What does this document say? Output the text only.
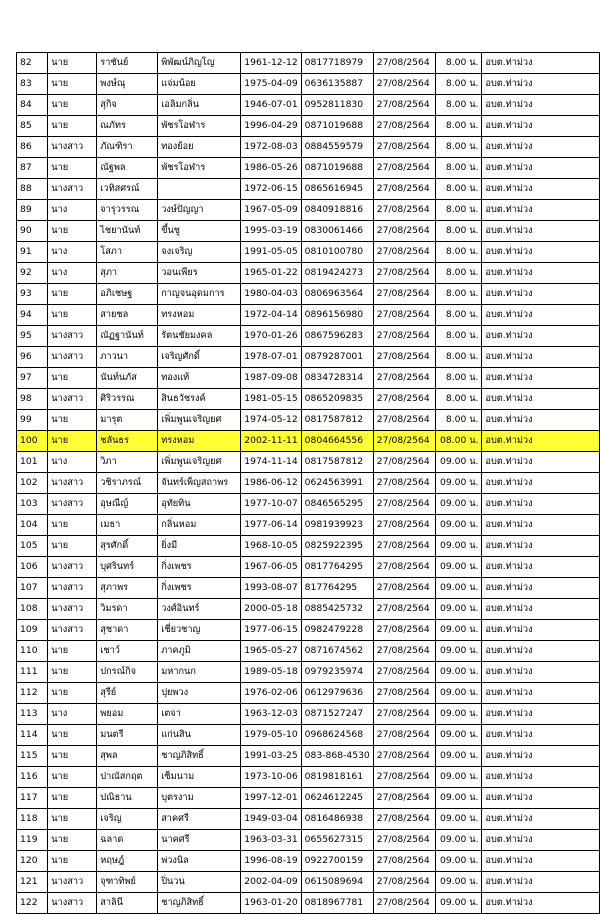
82	นาย	ราชันย์	พิพัฒน์ภิญโญ	1961-12-12	0817718979	27/08/2564	8.00 น.	อบต.ท่าม่วง
83	นาย	พงษ์ณุ	แจ่มน้อย	1975-04-09	0636135887	27/08/2564	8.00 น.	อบต.ท่าม่วง
84	นาย	สุกิจ	เอลิมกลิ่น	1946-07-01	0952811830	27/08/2564	8.00 น.	อบต.ท่าม่วง
85	นาย	ณภัทร	พัชรโอฬาร	1996-04-29	0871019688	27/08/2564	8.00 น.	อบต.ท่าม่วง
86	นางสาว	ภัณฑิรา	ทองย้อย	1972-08-03	0884559579	27/08/2564	8.00 น.	อบต.ท่าม่วง
87	นาย	ณัฐพล	พัชรโอฬาร	1986-05-26	0871019688	27/08/2564	8.00 น.	อบต.ท่าม่วง
88	นางสาว	เวทิสศรณ์		1972-06-15	0865616945	27/08/2564	8.00 น.	อบต.ท่าม่วง
89	นาง	จารุวรรณ	วงษ์ปัญญา	1967-05-09	0840918816	27/08/2564	8.00 น.	อบต.ท่าม่วง
90	นาย	ไชยานันท์	ขึ้นชู	1995-03-19	0830061466	27/08/2564	8.00 น.	อบต.ท่าม่วง
91	นาง	โสภา	จงเจริญ	1991-05-05	0810100780	27/08/2564	8.00 น.	อบต.ท่าม่วง
92	นาง	สุภา	วอนเพียร	1965-01-22	0819424273	27/08/2564	8.00 น.	อบต.ท่าม่วง
93	นาย	อภิเชษฐ	กาญจนอุดมการ	1980-04-03	0806963564	27/08/2564	8.00 น.	อบต.ท่าม่วง
94	นาย	สายชล	ทรงหอม	1972-04-14	0896156980	27/08/2564	8.00 น.	อบต.ท่าม่วง
95	นางสาว	ณัฏฐานันท์	รัตนชัยมงคล	1970-01-26	0867596283	27/08/2564	8.00 น.	อบต.ท่าม่วง
96	นางสาว	ภาวนา	เจริญศักดิ์	1978-07-01	0879287001	27/08/2564	8.00 น.	อบต.ท่าม่วง
97	นาย	นันท์นภัส	ทองแท้	1987-09-08	0834728314	27/08/2564	8.00 น.	อบต.ท่าม่วง
98	นางสาว	ศิริวรรณ	สินธวัชรงค์	1981-05-15	0865209835	27/08/2564	8.00 น.	อบต.ท่าม่วง
99	นาย	มารุต	เพิ่มพูนเจริญยศ	1974-05-12	0817587812	27/08/2564	8.00 น.	อบต.ท่าม่วง
100	นาย	ชลันธร	ทรงหอม	2002-11-11	0804664556	27/08/2564	08.00 น.	อบต.ท่าม่วง
101	นาง	วิภา	เพิ่มพูนเจริญยศ	1974-11-14	0817587812	27/08/2564	09.00 น.	อบต.ท่าม่วง
102	นางสาว	วชิราภรณ์	จันทร์เพ็ญสถาพร	1986-06-12	0624563991	27/08/2564	09.00 น.	อบต.ท่าม่วง
103	นางสาว	อุษณีญ์	อุทัยทิน	1977-10-07	0846565295	27/08/2564	09.00 น.	อบต.ท่าม่วง
104	นาย	เมธา	กลิ่นหอม	1977-06-14	0981939923	27/08/2564	09.00 น.	อบต.ท่าม่วง
105	นาย	สุรศักดิ์	ยิ่งมี	1968-10-05	0825922395	27/08/2564	09.00 น.	อบต.ท่าม่วง
106	นางสาว	บุศรินทร์	กิ่งเพชร	1967-06-05	0817764295	27/08/2564	09.00 น.	อบต.ท่าม่วง
107	นางสาว	สุภาพร	กิ่งเพชร	1993-08-07	817764295	27/08/2564	09.00 น.	อบต.ท่าม่วง
108	นางสาว	วิมรดา	วงศ์อินทร์	2000-05-18	0885425732	27/08/2564	09.00 น.	อบต.ท่าม่วง
109	นางสาว	สุชาดา	เชี่ยวชาญ	1977-06-15	0982479228	27/08/2564	09.00 น.	อบต.ท่าม่วง
110	นาย	เชาว์	ภาคภูมิ	1965-05-27	0871674562	27/08/2564	09.00 น.	อบต.ท่าม่วง
111	นาย	ปกรณ์กิจ	มหากนก	1989-05-18	0979235974	27/08/2564	09.00 น.	อบต.ท่าม่วง
112	นาย	สุรีย์	ปุยพวง	1976-02-06	0612979636	27/08/2564	09.00 น.	อบต.ท่าม่วง
113	นาง	พยอม	เตจา	1963-12-03	0871527247	27/08/2564	09.00 น.	อบต.ท่าม่วง
114	นาย	มนตรี	แก่นสิน	1979-05-10	0968624568	27/08/2564	09.00 น.	อบต.ท่าม่วง
115	นาย	สุพล	ชาญภิสิทธิ์	1991-03-25	083-868-4530	27/08/2564	09.00 น.	อบต.ท่าม่วง
116	นาย	ปาณัสกฤต	เซ็มนาม	1973-10-06	0819818161	27/08/2564	09.00 น.	อบต.ท่าม่วง
117	นาย	ปณิธาน	บุตรงาม	1997-12-01	0624612245	27/08/2564	09.00 น.	อบต.ท่าม่วง
118	นาย	เจริญ	สาคศรี	1949-03-04	0816486938	27/08/2564	09.00 น.	อบต.ท่าม่วง
119	นาย	ฉลาด	นาคศรี	1963-03-31	0655627315	27/08/2564	09.00 น.	อบต.ท่าม่วง
120	นาย	หฤษฎ์	พ่วงนิล	1996-08-19	0922700159	27/08/2564	09.00 น.	อบต.ท่าม่วง
121	นางสาว	จุฑาทิพย์	ปิ่นวน	2002-04-09	0615089694	27/08/2564	09.00 น.	อบต.ท่าม่วง
122	นางสาว	สาลินี	ชาญภิสิทธิ์	1963-01-20	0818967781	27/08/2564	09.00 น.	อบต.ท่าม่วง
